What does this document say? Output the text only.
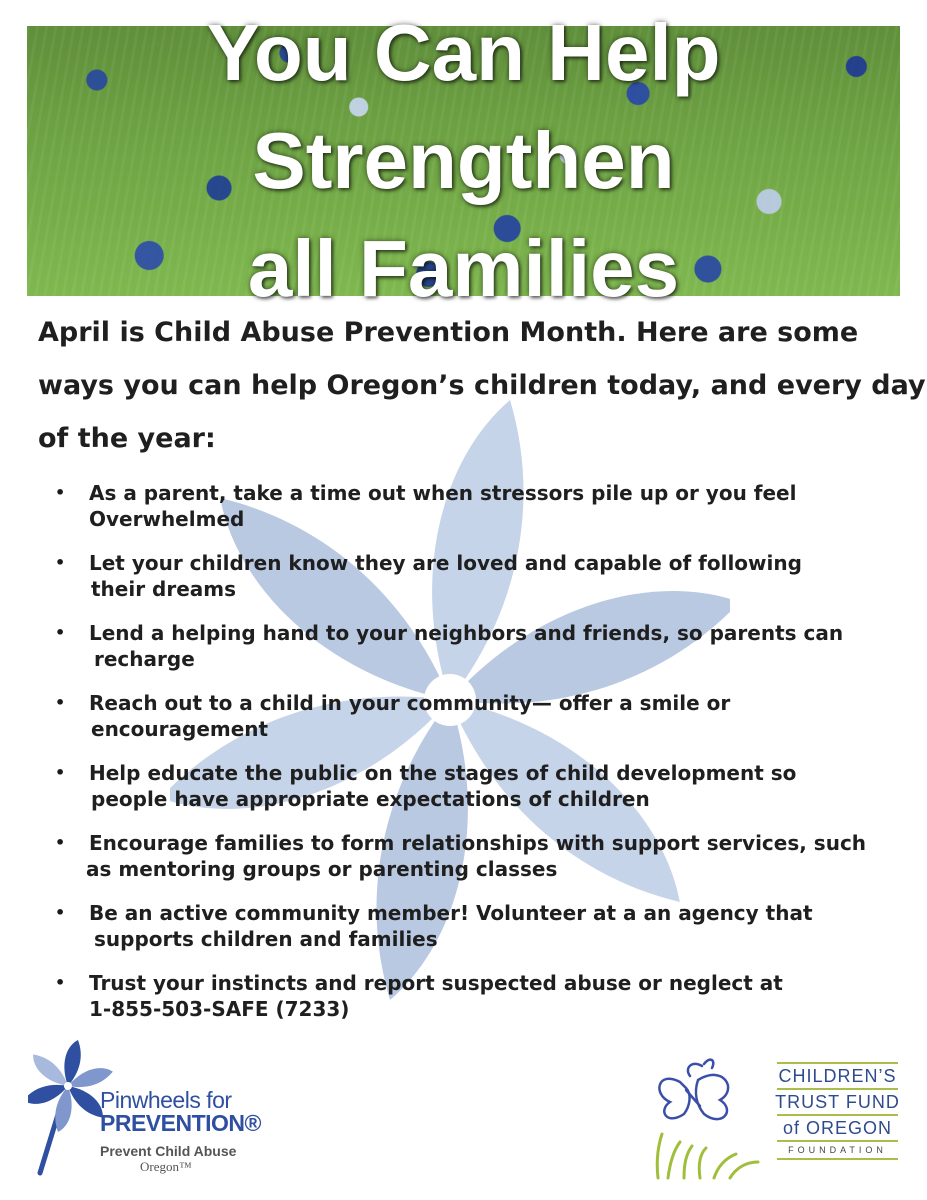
You Can Help Strengthen
all Families
April is Child Abuse Prevention Month. Here are some
ways you can help Oregon’s children today, and every day
of the year:
• As a parent, take a time out when stressors pile up or you feel
Overwhelmed
• Let your children know they are loved and capable of following
their dreams
• Lend a helping hand to your neighbors and friends, so parents can
recharge
• Reach out to a child in your community— offer a smile or
encouragement
• Help educate the public on the stages of child development so
people have appropriate expectations of children
• Encourage families to form relationships with support services, such
as mentoring groups or parenting classes
• Be an active community member! Volunteer at a an agency that
supports children and families
• Trust your instincts and report suspected abuse or neglect at
1-855-503-SAFE (7233)
Pinwheels for
PREVENTION®
Prevent Child Abuse
Oregon™
CHILDREN’S
TRUST FUND
of OREGON
FOUNDATION
